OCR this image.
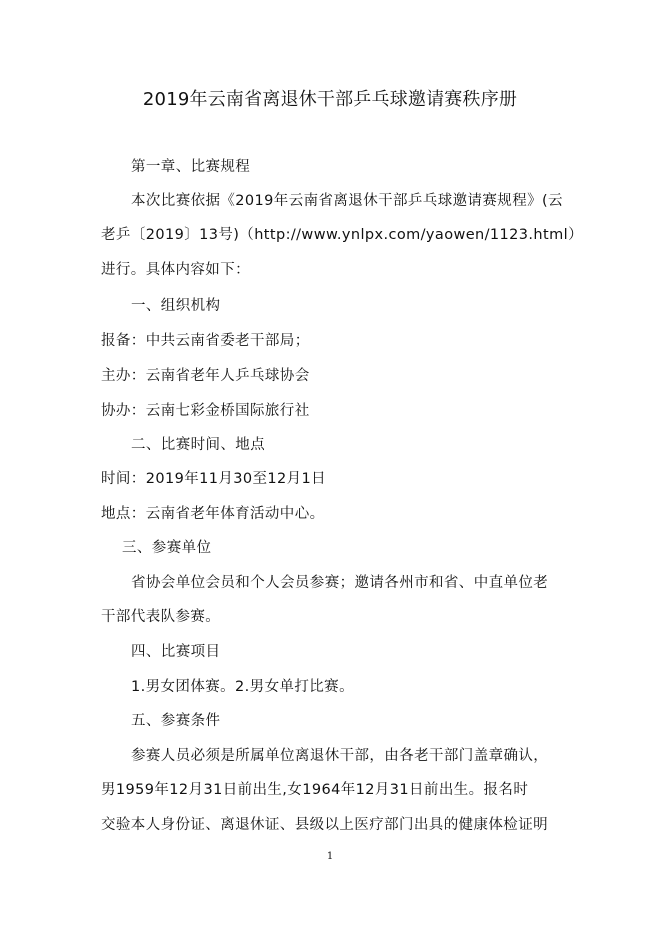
2019年云南省离退休干部乒乓球邀请赛秩序册
第一章、比赛规程
本次比赛依据《2019年云南省离退休干部乒乓球邀请赛规程》(云
老乒〔2019〕13号)（http://www.ynlpx.com/yaowen/1123.html）
进行。具体内容如下：
一、组织机构
报备：中共云南省委老干部局；
主办：云南省老年人乒乓球协会
协办：云南七彩金桥国际旅行社
二、比赛时间、地点
时间：2019年11月30至12月1日
地点：云南省老年体育活动中心。
三、参赛单位
省协会单位会员和个人会员参赛；邀请各州市和省、中直单位老
干部代表队参赛。
四、比赛项目
1.男女团体赛。2.男女单打比赛。
五、参赛条件
参赛人员必须是所属单位离退休干部，由各老干部门盖章确认，
男1959年12月31日前出生,女1964年12月31日前出生。报名时
交验本人身份证、离退休证、县级以上医疗部门出具的健康体检证明
1
